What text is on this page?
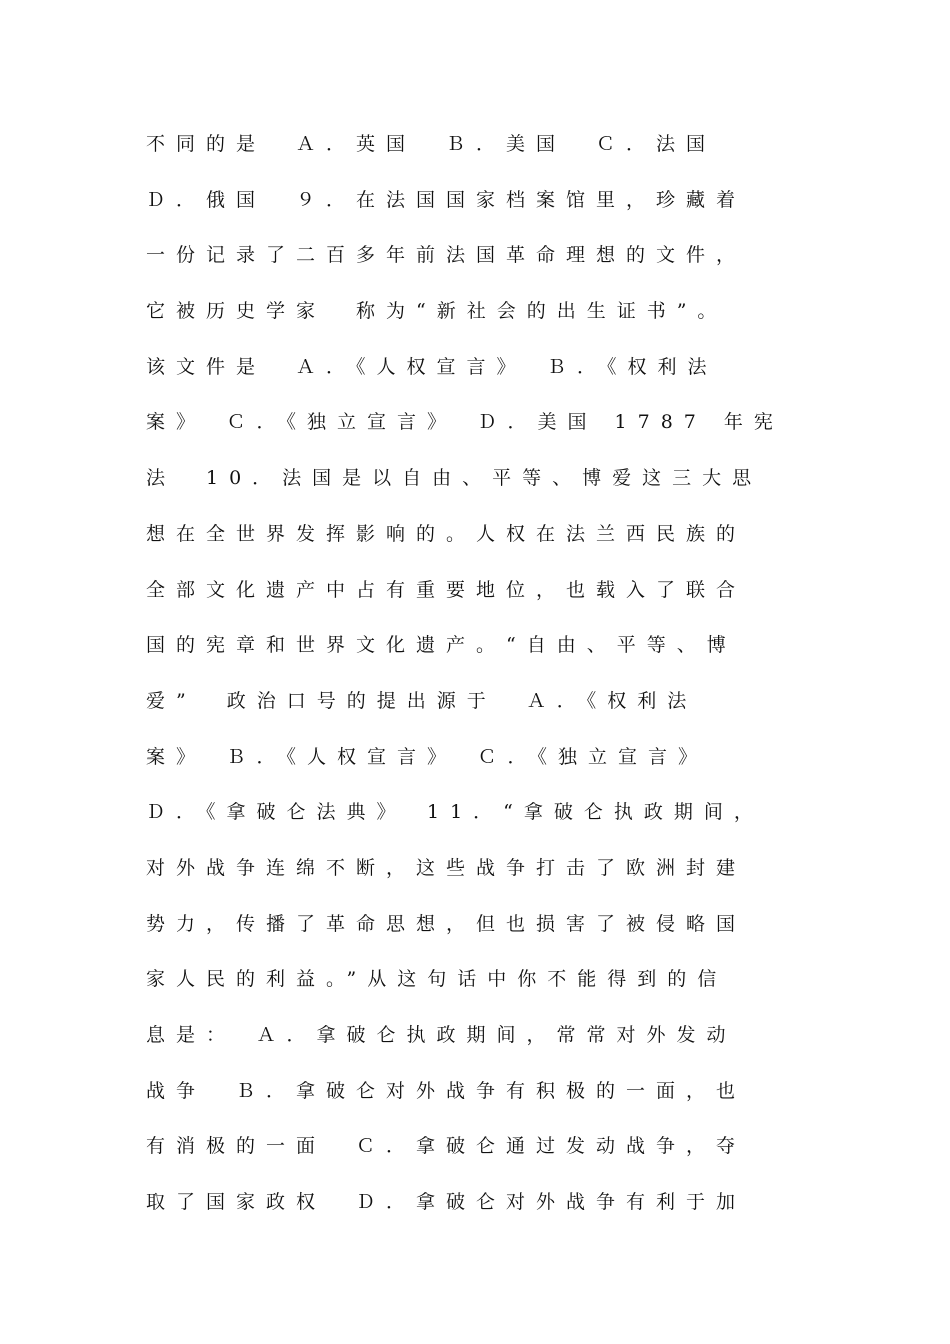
不同的是　Ａ．英国　Ｂ．美国　Ｃ．法国
Ｄ．俄国　９．在法国国家档案馆里，珍藏着
一份记录了二百多年前法国革命理想的文件，
它被历史学家　称为“新社会的出生证书”。
该文件是　Ａ．《人权宣言》　Ｂ．《权利法
案》　Ｃ．《独立宣言》　Ｄ．美国 1787 年宪
法　10．法国是以自由、平等、博爱这三大思
想在全世界发挥影响的。人权在法兰西民族的
全部文化遗产中占有重要地位，也载入了联合
国的宪章和世界文化遗产。“自由、平等、博
爱”　政治口号的提出源于　Ａ．《权利法
案》　Ｂ．《人权宣言》　Ｃ．《独立宣言》
Ｄ．《拿破仑法典》　11．“拿破仑执政期间，
对外战争连绵不断，这些战争打击了欧洲封建
势力，传播了革命思想，但也损害了被侵略国
家人民的利益。”从这句话中你不能得到的信
息是：　Ａ．拿破仑执政期间，常常对外发动
战争　Ｂ．拿破仑对外战争有积极的一面，也
有消极的一面　Ｃ．拿破仑通过发动战争，夺
取了国家政权　Ｄ．拿破仑对外战争有利于加
